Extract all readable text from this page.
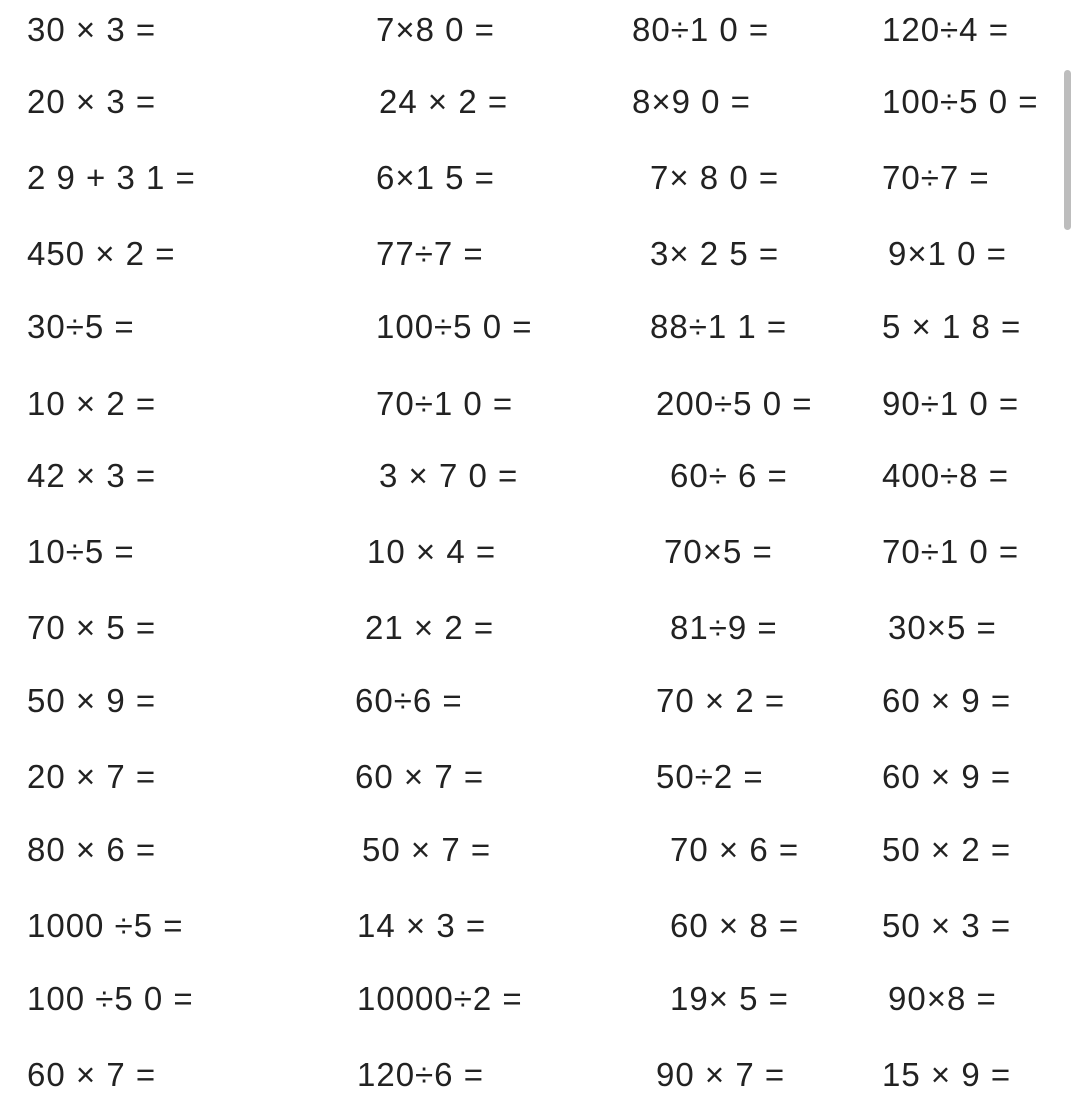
30 × 3 =	7×8 0 =	80÷1 0 =	120÷4 =
20 × 3 =	24 × 2 =	8×9 0 =	100÷5 0 =
2 9 + 3 1 =	6×1 5 =	7× 8 0 =	70÷7 =
450 × 2 =	77÷7 =	3× 2 5 =	9×1 0 =
30÷5 =	100÷5 0 =	88÷1 1 =	5 × 1 8 =
10 × 2 =	70÷1 0 =	200÷5 0 = 90÷1 0 =
42 × 3 =	3 × 7 0 =	60÷ 6 =	400÷8 =
10÷5 =	10 × 4 =	70×5 =	70÷1 0 =
70 × 5 =	21 × 2 =	81÷9 =	30×5 =
50 × 9 =	60÷6 =	70 × 2 =	60 × 9 =
20 × 7 =	60 × 7 =	50÷2 =	60 × 9 =
80 × 6 =	50 × 7 =	70 × 6 =	50 × 2 =
1000 ÷5 =	14 × 3 =	60 × 8 =	50 × 3 =
100 ÷5 0 =	10000÷2 =	19× 5 =	90×8 =
60 × 7 =	120÷6 =	90 × 7 =	15 × 9 =
